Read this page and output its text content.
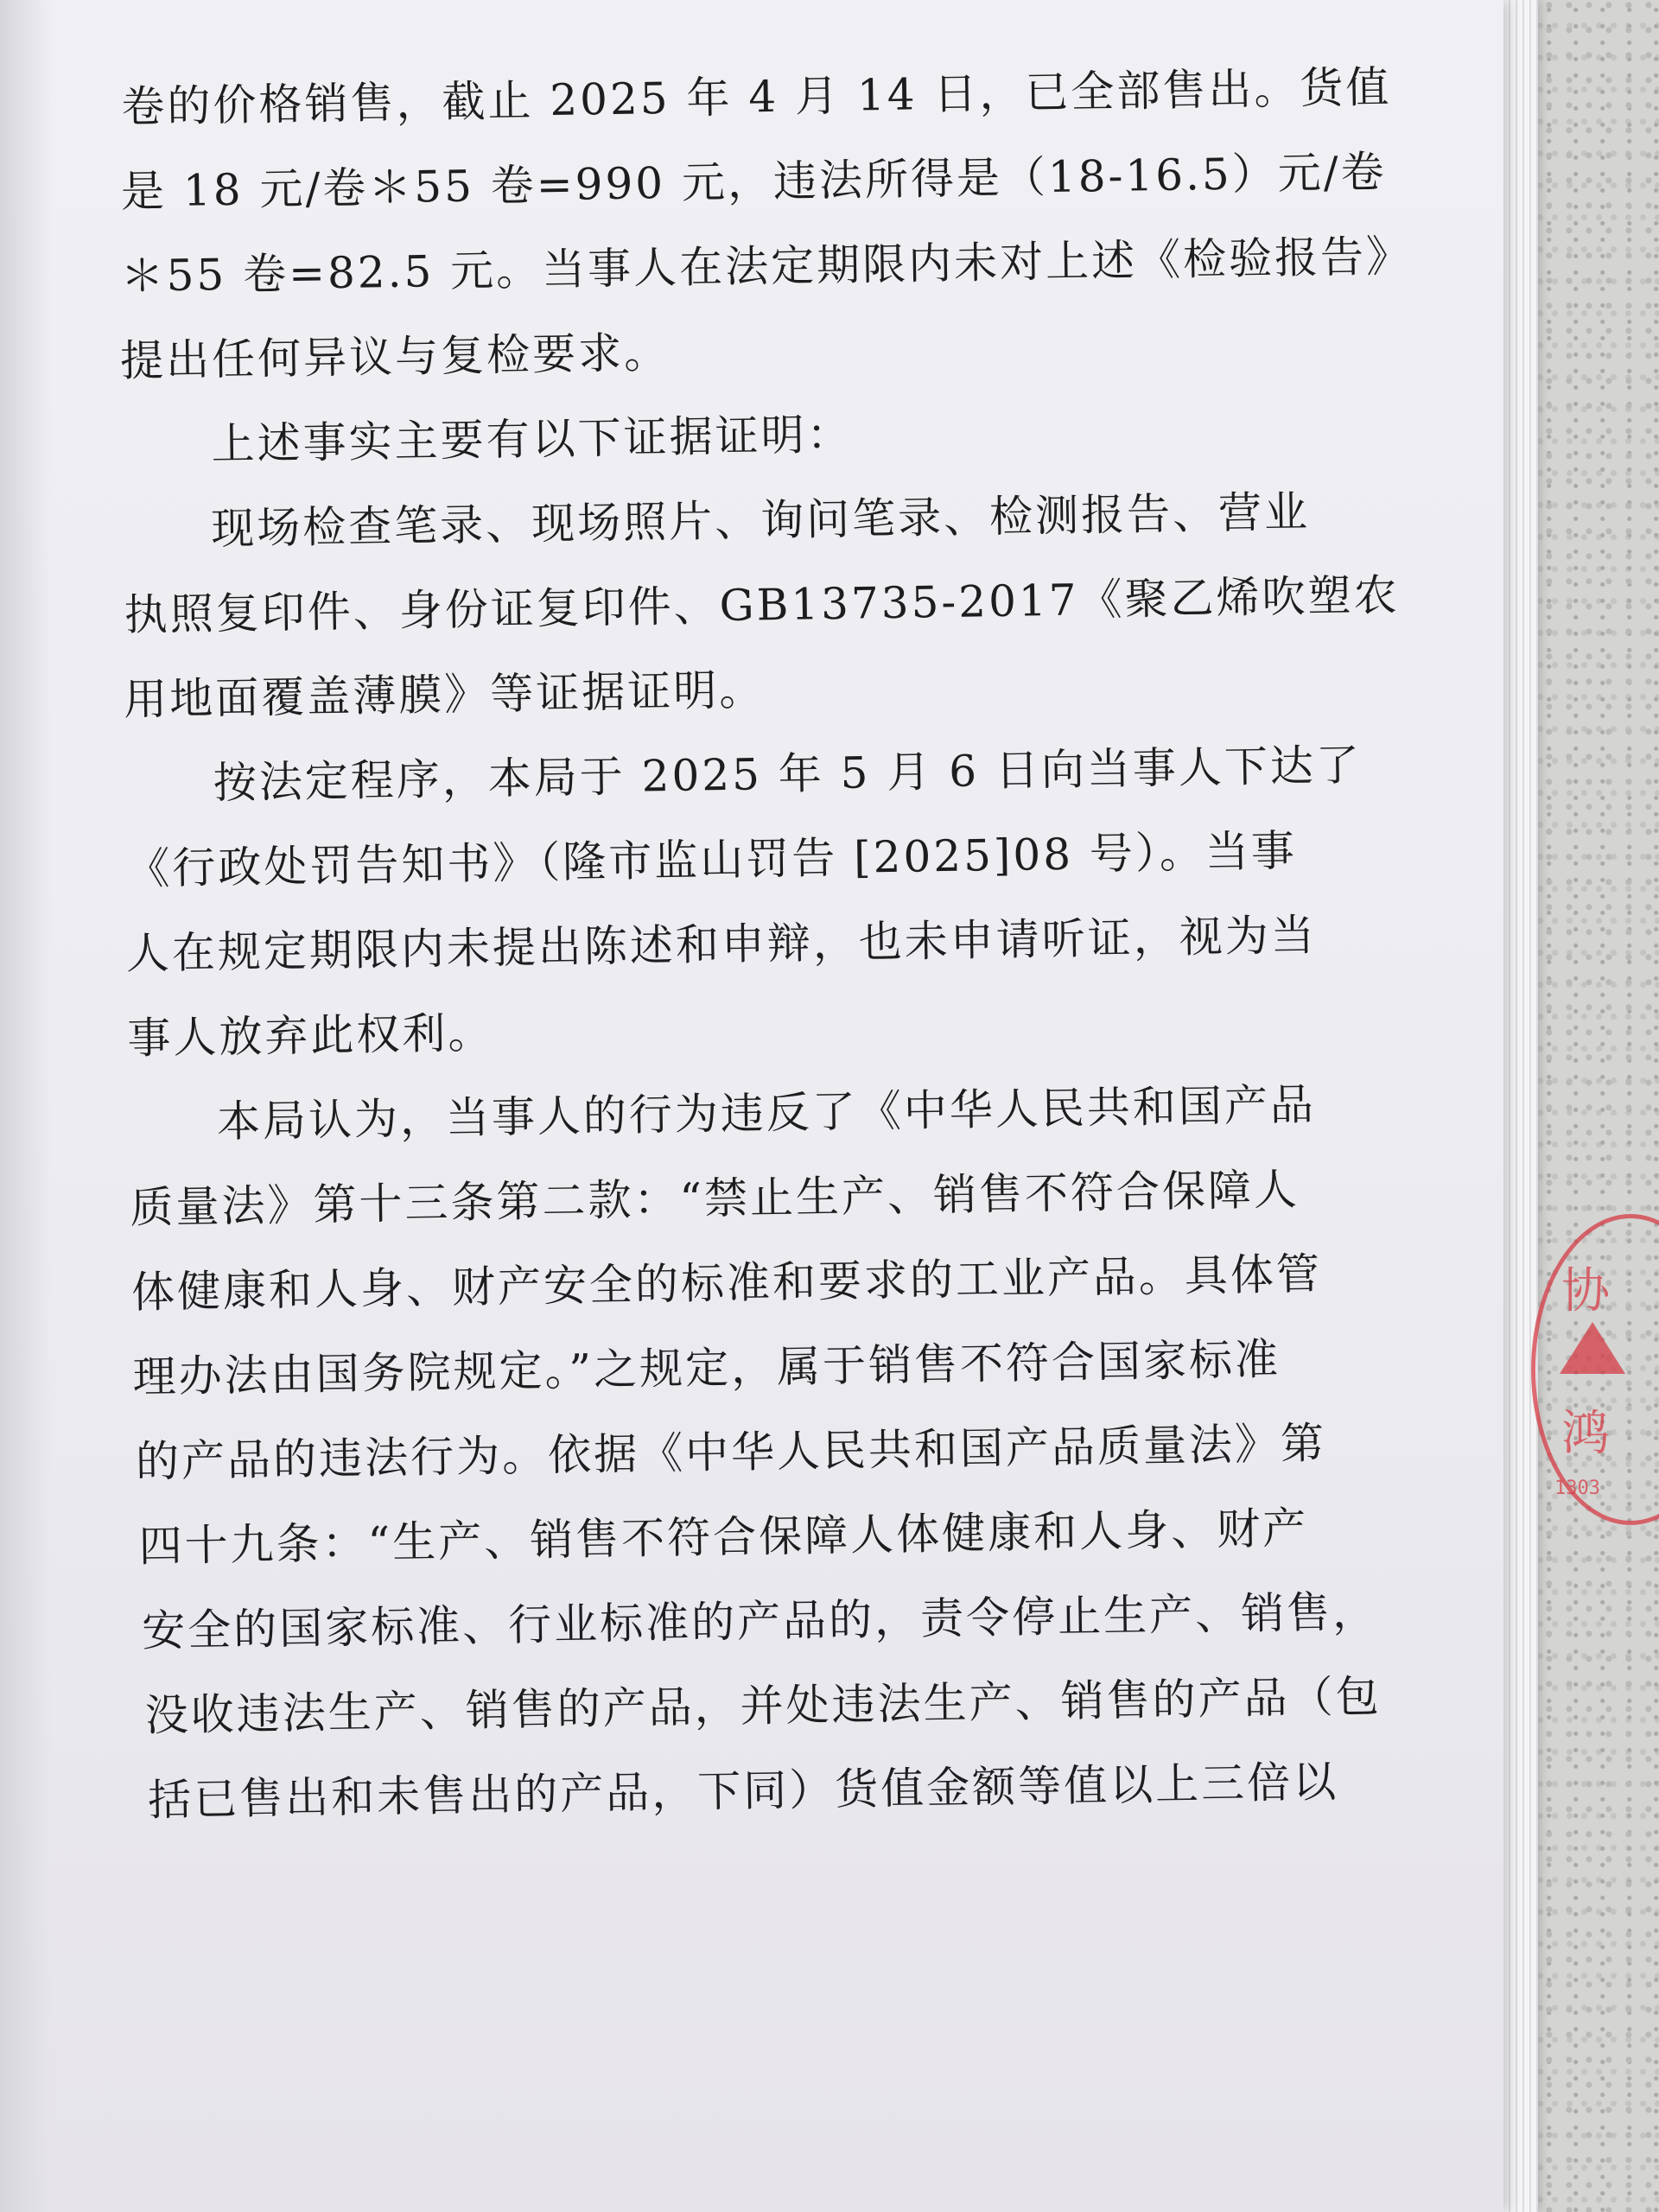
卷的价格销售，截止 2025 年 4 月 14 日，已全部售出。货值
是 18 元/卷＊55 卷=990 元，违法所得是（18-16.5）元/卷
＊55 卷=82.5 元。当事人在法定期限内未对上述《检验报告》
提出任何异议与复检要求。
上述事实主要有以下证据证明：
现场检查笔录、现场照片、询问笔录、检测报告、营业
执照复印件、身份证复印件、GB13735-2017《聚乙烯吹塑农
用地面覆盖薄膜》等证据证明。
按法定程序，本局于 2025 年 5 月 6 日向当事人下达了
《行政处罚告知书》（隆市监山罚告 [2025]08 号）。当事
人在规定期限内未提出陈述和申辩，也未申请听证，视为当
事人放弃此权利。
本局认为，当事人的行为违反了《中华人民共和国产品
质量法》第十三条第二款：“禁止生产、销售不符合保障人
体健康和人身、财产安全的标准和要求的工业产品。具体管
理办法由国务院规定。”之规定，属于销售不符合国家标准
的产品的违法行为。依据《中华人民共和国产品质量法》第
四十九条：“生产、销售不符合保障人体健康和人身、财产
安全的国家标准、行业标准的产品的，责令停止生产、销售，
没收违法生产、销售的产品，并处违法生产、销售的产品（包
括已售出和未售出的产品，下同）货值金额等值以上三倍以
协
鸿
1303
